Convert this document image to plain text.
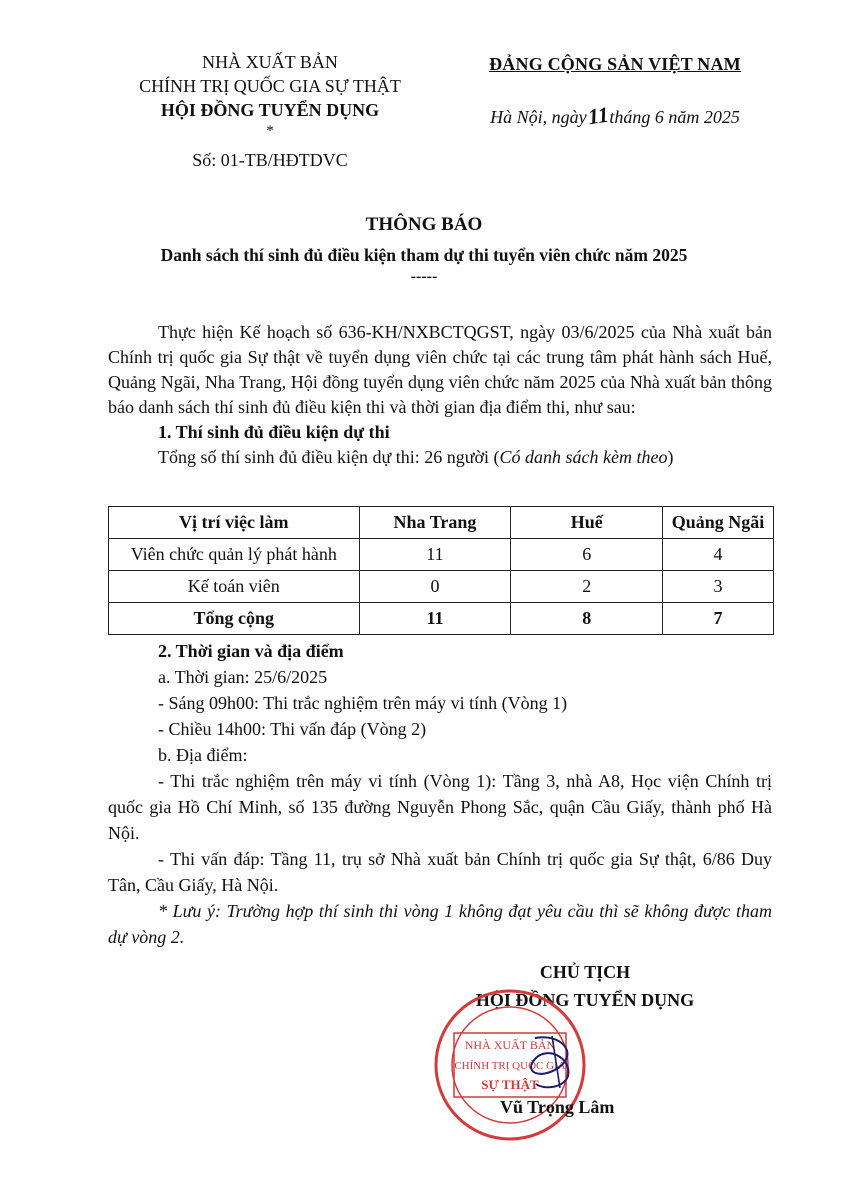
NHÀ XUẤT BẢN
CHÍNH TRỊ QUỐC GIA SỰ THẬT
HỘI ĐỒNG TUYỂN DỤNG
*
Số: 01-TB/HĐTDVC
ĐẢNG CỘNG SẢN VIỆT NAM
Hà Nội, ngày11tháng 6 năm 2025
THÔNG BÁO
Danh sách thí sinh đủ điều kiện tham dự thi tuyển viên chức năm 2025
-----
Thực hiện Kế hoạch số 636-KH/NXBCTQGST, ngày 03/6/2025 của Nhà xuất bản Chính trị quốc gia Sự thật về tuyển dụng viên chức tại các trung tâm phát hành sách Huế, Quảng Ngãi, Nha Trang, Hội đồng tuyển dụng viên chức năm 2025 của Nhà xuất bản thông báo danh sách thí sinh đủ điều kiện thi và thời gian địa điểm thi, như sau:
1. Thí sinh đủ điều kiện dự thi
Tổng số thí sinh đủ điều kiện dự thi: 26 người (Có danh sách kèm theo)
Vị trí việc làm	Nha Trang	Huế	Quảng Ngãi
Viên chức quản lý phát hành	11	6	4
Kế toán viên	0	2	3
Tổng cộng	11	8	7
2. Thời gian và địa điểm
a. Thời gian: 25/6/2025
- Sáng 09h00: Thi trắc nghiệm trên máy vi tính (Vòng 1)
- Chiều 14h00: Thi vấn đáp (Vòng 2)
b. Địa điểm:
- Thi trắc nghiệm trên máy vi tính (Vòng 1): Tầng 3, nhà A8, Học viện Chính trị quốc gia Hồ Chí Minh, số 135 đường Nguyễn Phong Sắc, quận Cầu Giấy, thành phố Hà Nội.
- Thi vấn đáp: Tầng 11, trụ sở Nhà xuất bản Chính trị quốc gia Sự thật, 6/86 Duy Tân, Cầu Giấy, Hà Nội.
* Lưu ý: Trường hợp thí sinh thi vòng 1 không đạt yêu cầu thì sẽ không được tham dự vòng 2.
CHỦ TỊCH
HỘI ĐỒNG TUYỂN DỤNG
NHÀ XUẤT BẢN
CHÍNH TRỊ QUỐC GIA
SỰ THẬT
Vũ Trọng Lâm
